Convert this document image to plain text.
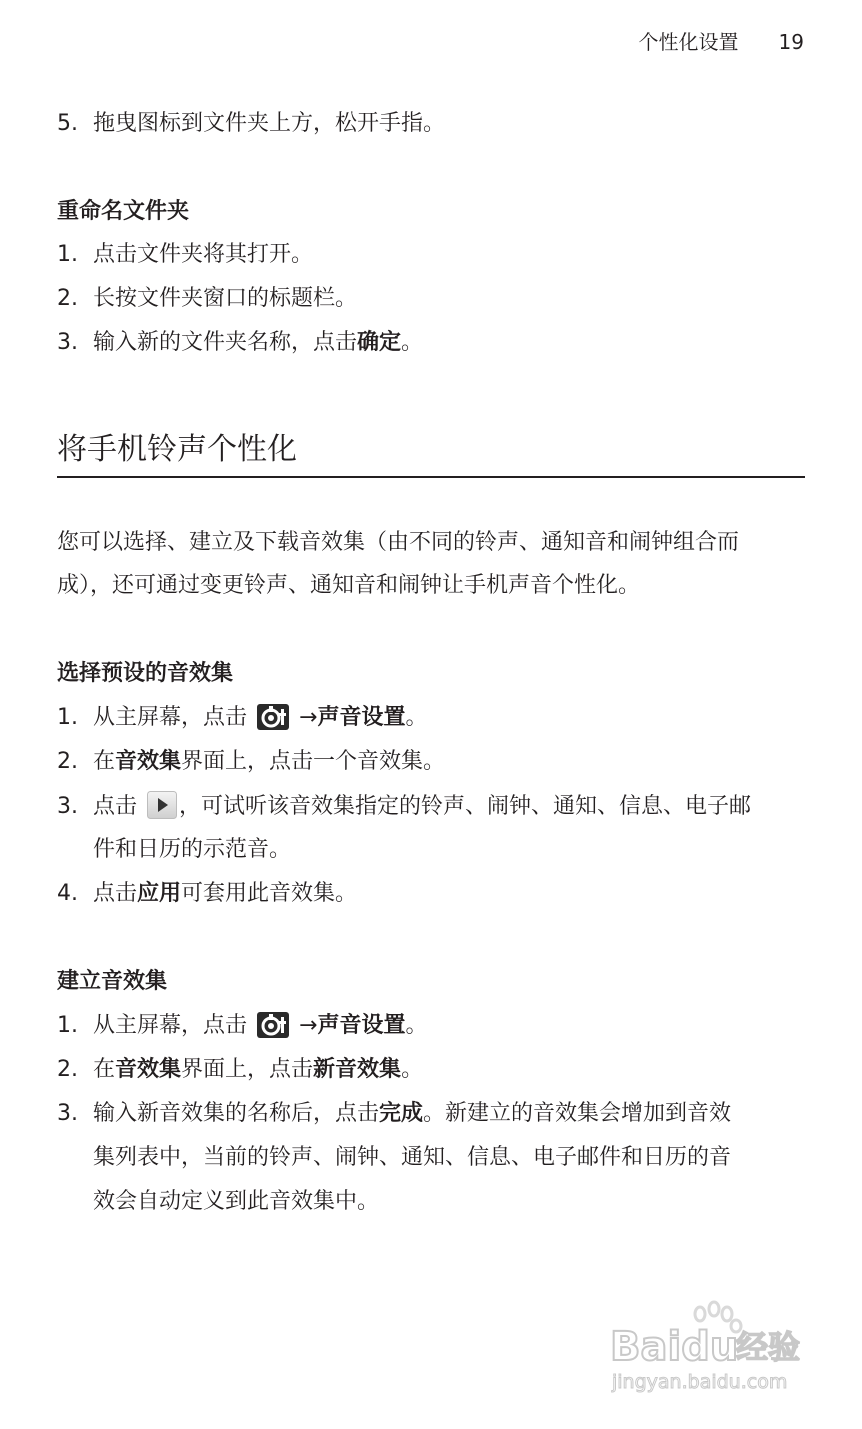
个性化设置 19
5. 拖曳图标到文件夹上方，松开手指。
重命名文件夹
1. 点击文件夹将其打开。
2. 长按文件夹窗口的标题栏。
3. 输入新的文件夹名称，点击确定。
将手机铃声个性化
您可以选择、建立及下载音效集（由不同的铃声、通知音和闹钟组合而
成），还可通过变更铃声、通知音和闹钟让手机声音个性化。
选择预设的音效集
1. 从主屏幕，点击 →声音设置。
2. 在音效集界面上，点击一个音效集。
3. 点击 ，可试听该音效集指定的铃声、闹钟、通知、信息、电子邮
件和日历的示范音。
4. 点击应用可套用此音效集。
建立音效集
1. 从主屏幕，点击 →声音设置。
2. 在音效集界面上，点击新音效集。
3. 输入新音效集的名称后，点击完成。新建立的音效集会增加到音效
集列表中，当前的铃声、闹钟、通知、信息、电子邮件和日历的音
效会自动定义到此音效集中。
Baidu
经验
jingyan.baidu.com
